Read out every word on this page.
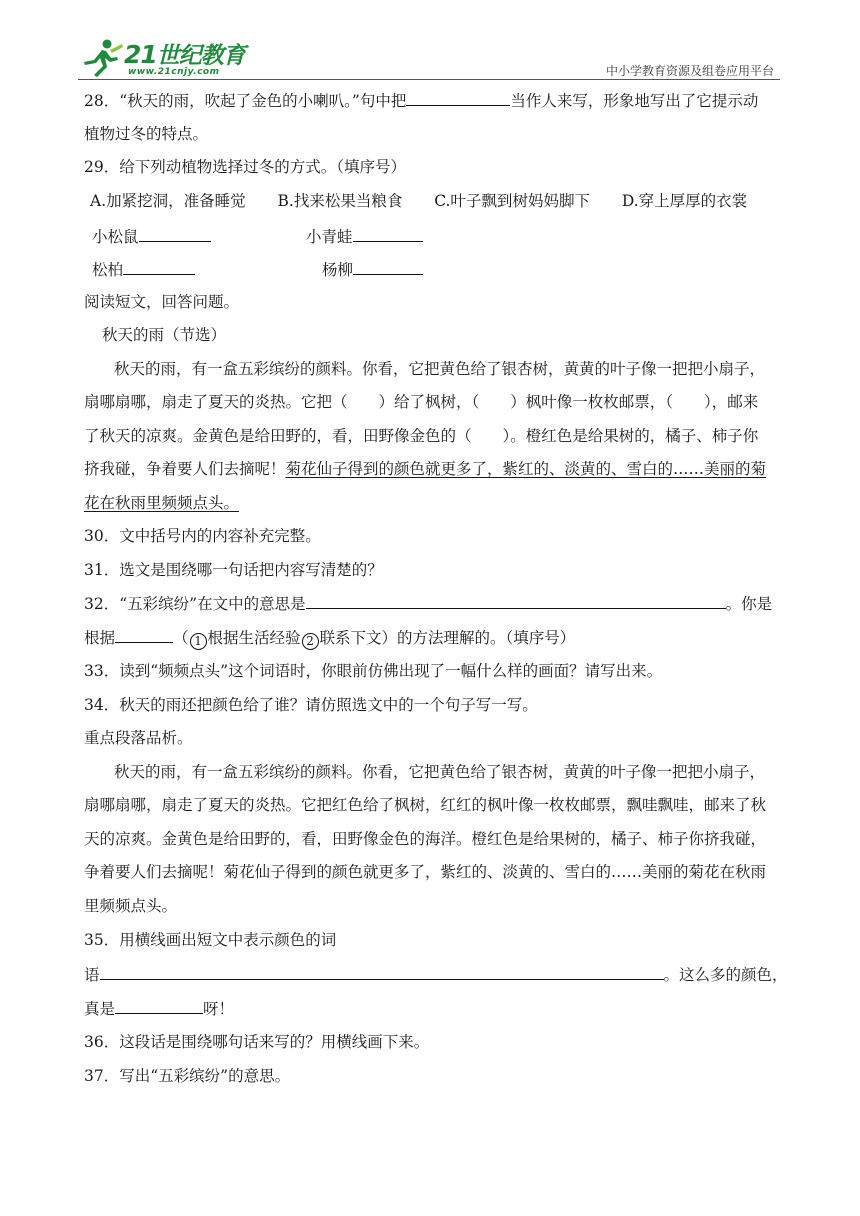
21世纪教育
www.21cnjy.com	中小学教育资源及组卷应用平台
28．“秋天的雨，吹起了金色的小喇叭。”句中把	当作人来写，形象地写出了它提示动
植物过冬的特点。
29．给下列动植物选择过冬的方式。（填序号）
A.加紧挖洞，准备睡觉 B.找来松果当粮食 C.叶子飘到树妈妈脚下 D.穿上厚厚的衣裳
小松鼠	小青蛙
松柏	杨柳
阅读短文，回答问题。
秋天的雨（节选）
秋天的雨，有一盒五彩缤纷的颜料。你看，它把黄色给了银杏树，黄黄的叶子像一把把小扇子，
扇哪扇哪，扇走了夏天的炎热。它把（　　）给了枫树，（　　）枫叶像一枚枚邮票，（　　），邮来
了秋天的凉爽。金黄色是给田野的，看，田野像金色的（　　）。橙红色是给果树的，橘子、柿子你
挤我碰，争着要人们去摘呢！菊花仙子得到的颜色就更多了，紫红的、淡黄的、雪白的……美丽的菊
花在秋雨里频频点头。
30．文中括号内的内容补充完整。
31．选文是围绕哪一句话把内容写清楚的？
32．“五彩缤纷”在文中的意思是	。你是
根据	（ 1 根据生活经验 2 联系下文）的方法理解的。（填序号）
33．读到“频频点头”这个词语时，你眼前仿佛出现了一幅什么样的画面？请写出来。
34．秋天的雨还把颜色给了谁？请仿照选文中的一个句子写一写。
重点段落品析。
秋天的雨，有一盒五彩缤纷的颜料。你看，它把黄色给了银杏树，黄黄的叶子像一把把小扇子，
扇哪扇哪，扇走了夏天的炎热。它把红色给了枫树，红红的枫叶像一枚枚邮票，飘哇飘哇，邮来了秋
天的凉爽。金黄色是给田野的，看，田野像金色的海洋。橙红色是给果树的，橘子、柿子你挤我碰，
争着要人们去摘呢！菊花仙子得到的颜色就更多了，紫红的、淡黄的、雪白的……美丽的菊花在秋雨
里频频点头。
35．用横线画出短文中表示颜色的词
语	。这么多的颜色，
真是	呀！
36．这段话是围绕哪句话来写的？用横线画下来。
37．写出“五彩缤纷”的意思。
